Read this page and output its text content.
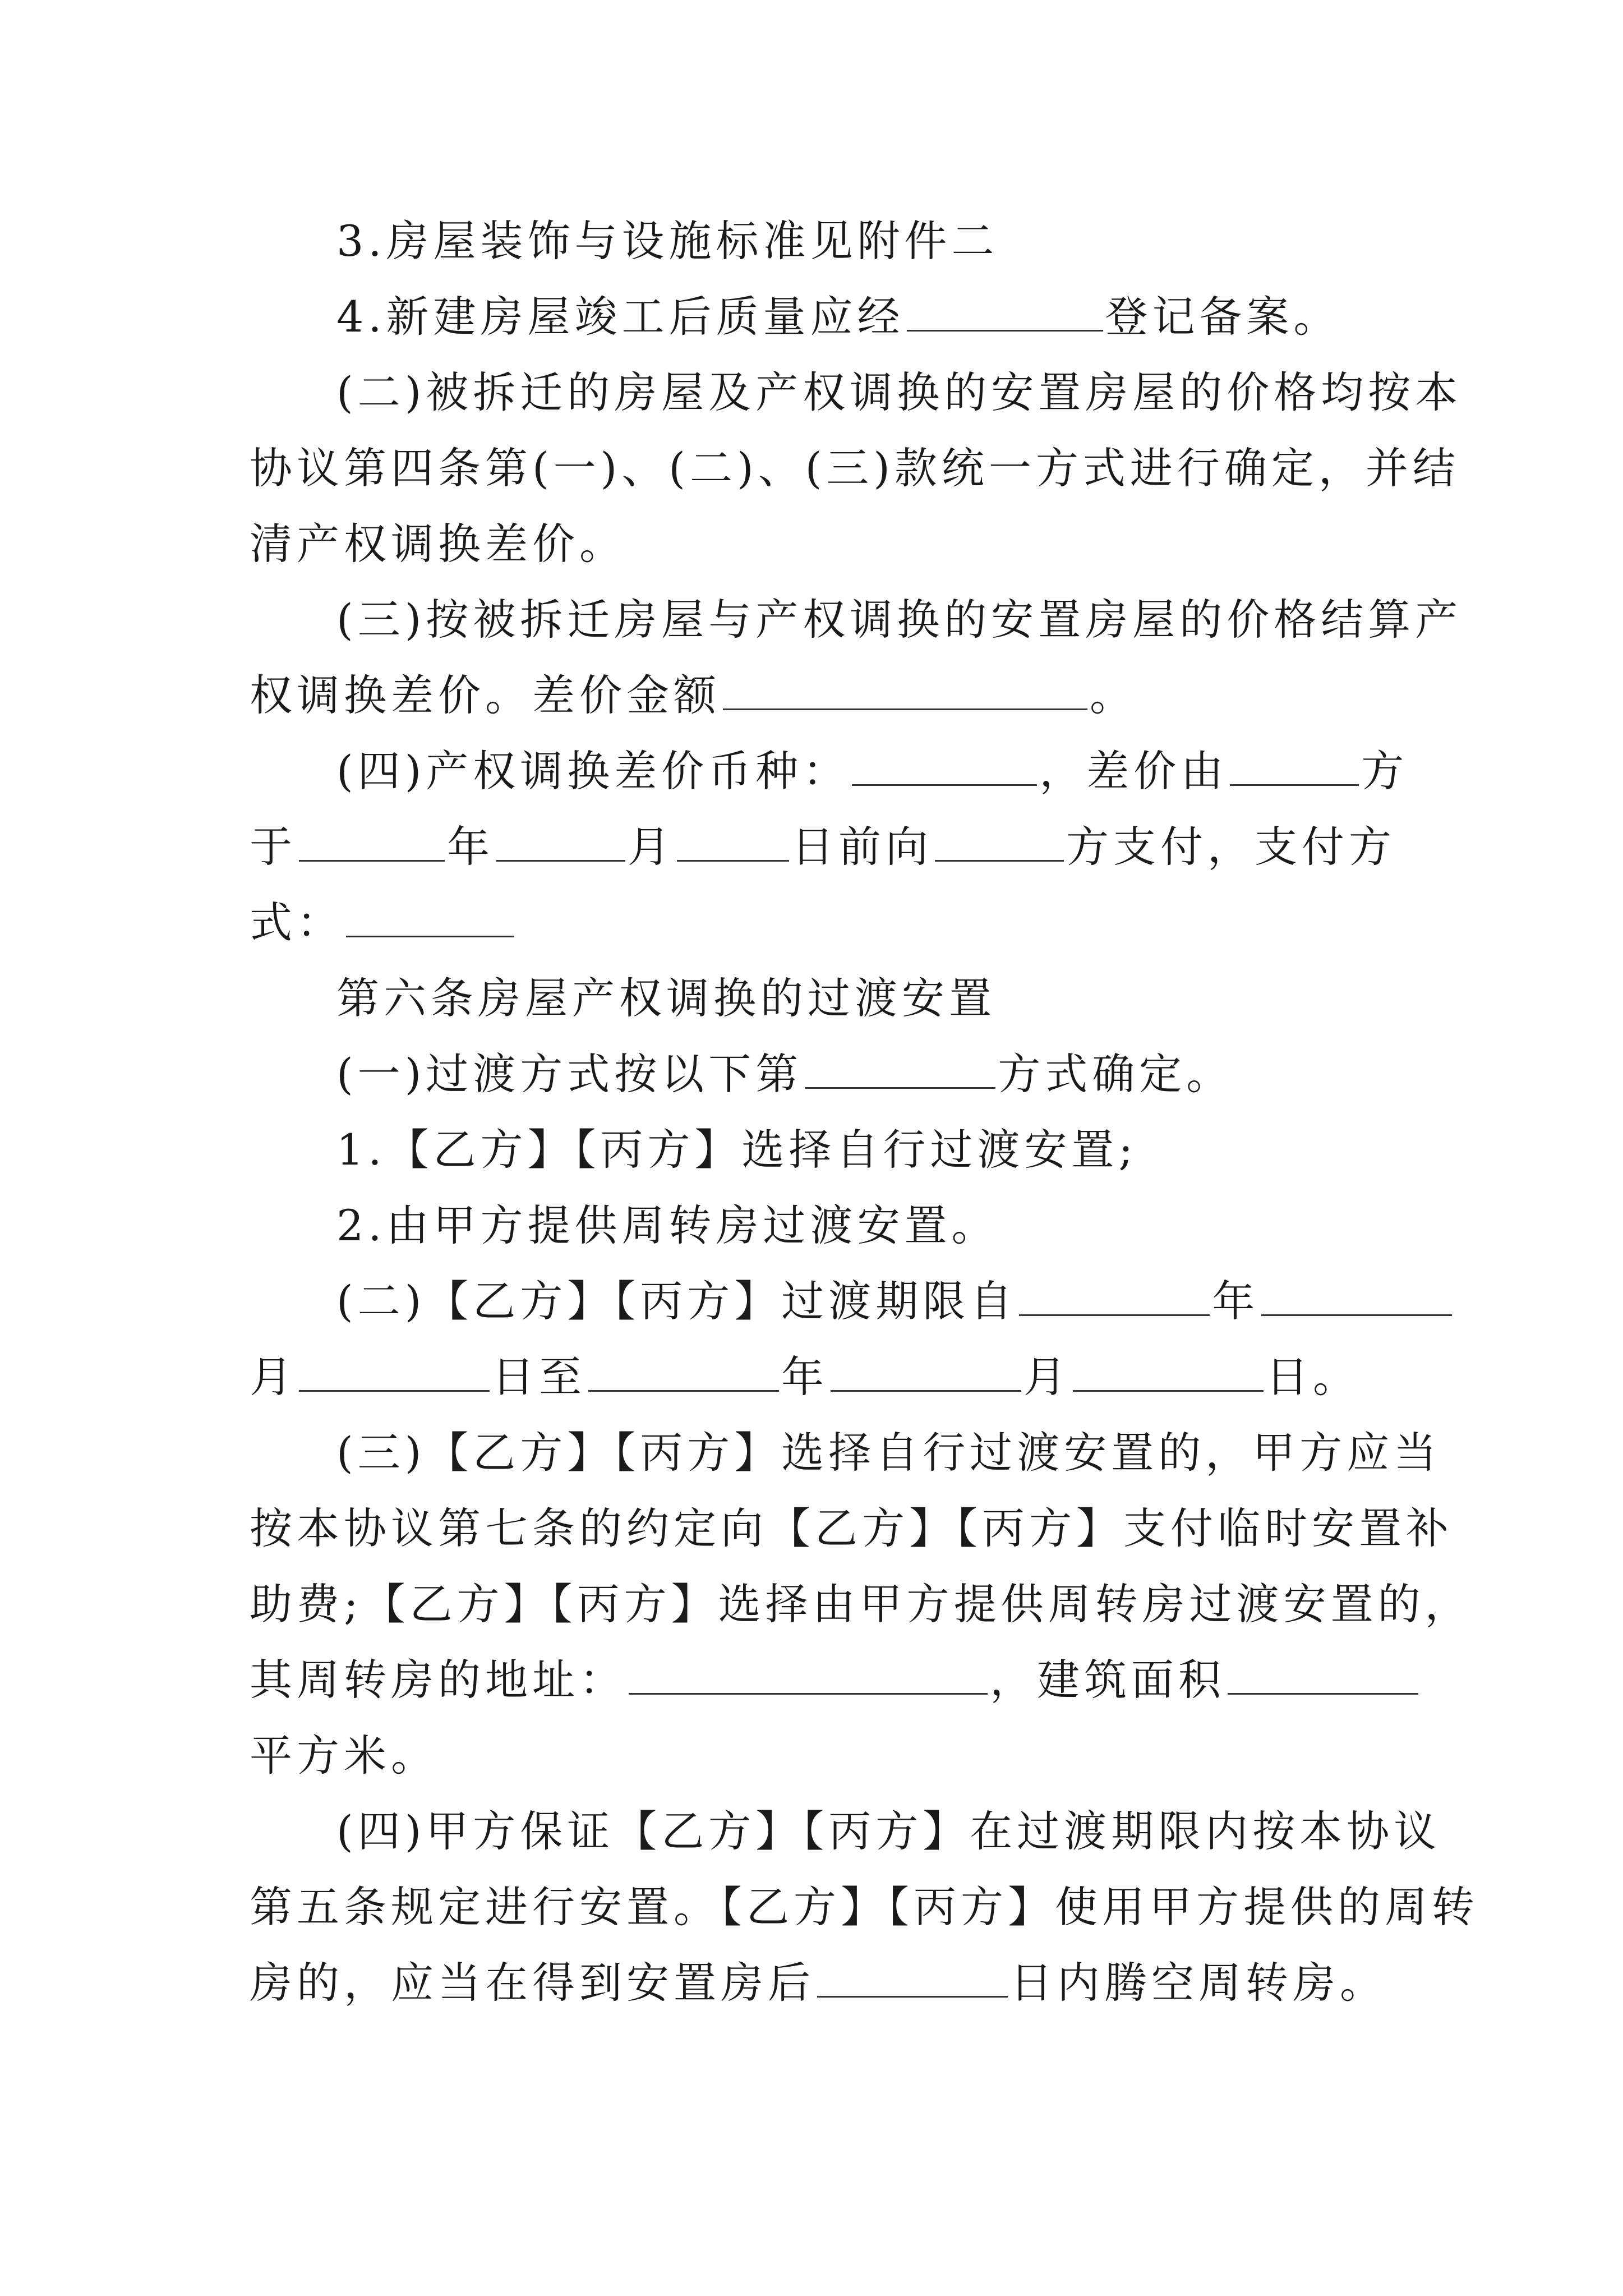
3.房屋装饰与设施标准见附件二
4.新建房屋竣工后质量应经	登记备案。
(二)被拆迁的房屋及产权调换的安置房屋的价格均按本
协议第四条第(一)、(二)、(三)款统一方式进行确定，并结
清产权调换差价。
(三)按被拆迁房屋与产权调换的安置房屋的价格结算产
权调换差价。差价金额	。
(四)产权调换差价币种：	，差价由	方
于	年	月	日前向	方支付，支付方
式：
第六条房屋产权调换的过渡安置
(一)过渡方式按以下第	方式确定。
1.【乙方】【丙方】选择自行过渡安置;
2.由甲方提供周转房过渡安置。
(二)【乙方】【丙方】过渡期限自	年
月	日至	年	月	日。
(三)【乙方】【丙方】选择自行过渡安置的，甲方应当
按本协议第七条的约定向【乙方】【丙方】支付临时安置补
助费;【乙方】【丙方】选择由甲方提供周转房过渡安置的，
其周转房的地址：	，建筑面积
平方米。
(四)甲方保证【乙方】【丙方】在过渡期限内按本协议
第五条规定进行安置。【乙方】【丙方】使用甲方提供的周转
房的，应当在得到安置房后	日内腾空周转房。
